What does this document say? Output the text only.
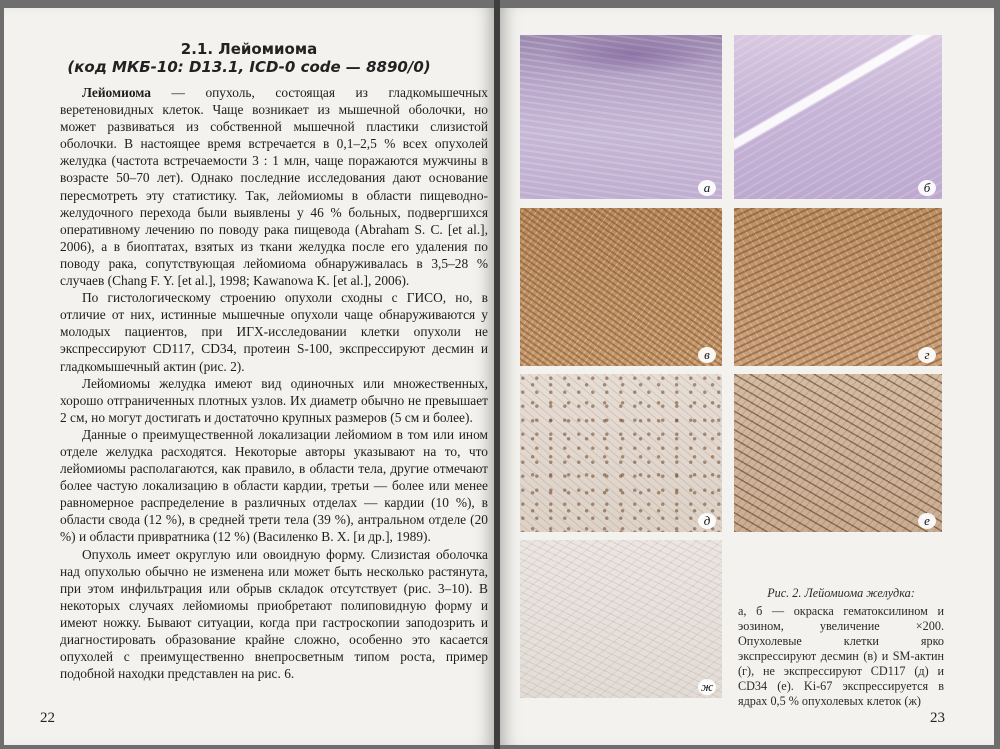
2.1. Лейомиома
(код МКБ-10: D13.1, ICD-0 code — 8890/0)

Лейомиома — опухоль, состоящая из гладкомышечных веретеновидных клеток. Чаще возникает из мышечной оболочки, но может развиваться из собственной мышечной пластики слизистой оболочки. В настоящее время встречается в 0,1–2,5 % всех опухолей желудка (частота встречаемости 3 : 1 млн, чаще поражаются мужчины в возрасте 50–70 лет). Однако последние исследования дают основание пересмотреть эту статистику. Так, лейомиомы в области пищеводно-желудочного перехода были выявлены у 46 % больных, подвергшихся оперативному лечению по поводу рака пищевода (Abraham S. C. [et al.], 2006), а в биоптатах, взятых из ткани желудка после его удаления по поводу рака, сопутствующая лейомиома обнаруживалась в 3,5–28 % случаев (Chang F. Y. [et al.], 1998; Kawanowa K. [et al.], 2006).

По гистологическому строению опухоли сходны с ГИСО, но, в отличие от них, истинные мышечные опухоли чаще обнаруживаются у молодых пациентов, при ИГХ-исследовании клетки опухоли не экспрессируют CD117, CD34, протеин S-100, экспрессируют десмин и гладкомышечный актин (рис. 2).

Лейомиомы желудка имеют вид одиночных или множественных, хорошо отграниченных плотных узлов. Их диаметр обычно не превышает 2 см, но могут достигать и достаточно крупных размеров (5 см и более).

Данные о преимущественной локализации лейомиом в том или ином отделе желудка расходятся. Некоторые авторы указывают на то, что лейомиомы располагаются, как правило, в области тела, другие отмечают более частую локализацию в области кардии, третьи — более или менее равномерное распределение в различных отделах — кардии (10 %), в области свода (12 %), в средней трети тела (39 %), антральном отделе (20 %) и области привратника (12 %) (Василенко В. Х. [и др.], 1989).

Опухоль имеет округлую или овоидную форму. Слизистая оболочка над опухолью обычно не изменена или может быть несколько растянута, при этом инфильтрация или обрыв складок отсутствует (рис. 3–10). В некоторых случаях лейомиомы приобретают полиповидную форму и имеют ножку. Бывают ситуации, когда при гастроскопии заподозрить и диагностировать образование крайне сложно, особенно это касается опухолей с преимущественно внепросветным типом роста, пример подобной находки представлен на рис. 6.

22
а	б
в	г
д	е
ж
Рис. 2. Лейомиома желудка:

а, б — окраска гематоксилином и эозином, увеличение ×200. Опухолевые клетки ярко экспрессируют десмин (в) и SM-актин (г), не экспрессируют CD117 (д) и CD34 (е). Ki-67 экспрессируется в ядрах 0,5 % опухолевых клеток (ж)

23
